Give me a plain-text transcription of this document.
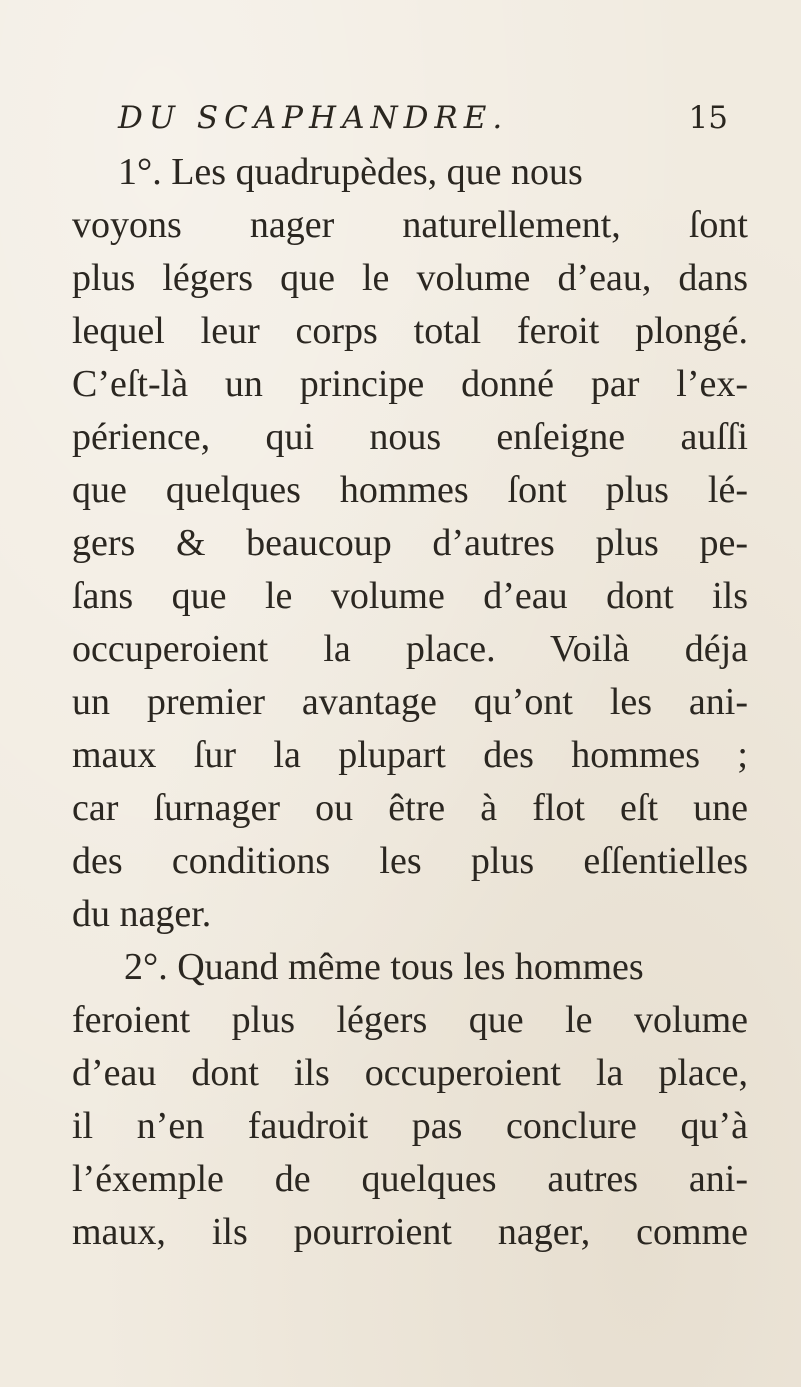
DU SCAPHANDRE.	15
1°. Les quadrupèdes, que nous
voyons nager naturellement, ſont
plus légers que le volume d’eau, dans
lequel leur corps total feroit plongé.
C’eſt-là un principe donné par l’ex-
périence, qui nous enſeigne auſſi
que quelques hommes ſont plus lé-
gers & beaucoup d’autres plus pe-
ſans que le volume d’eau dont ils
occuperoient la place. Voilà déja
un premier avantage qu’ont les ani-
maux ſur la plupart des hommes ;
car ſurnager ou être à flot eſt une
des conditions les plus eſſentielles
du nager.
2°. Quand même tous les hommes
feroient plus légers que le volume
d’eau dont ils occuperoient la place,
il n’en faudroit pas conclure qu’à
l’éxemple de quelques autres ani-
maux, ils pourroient nager, comme
